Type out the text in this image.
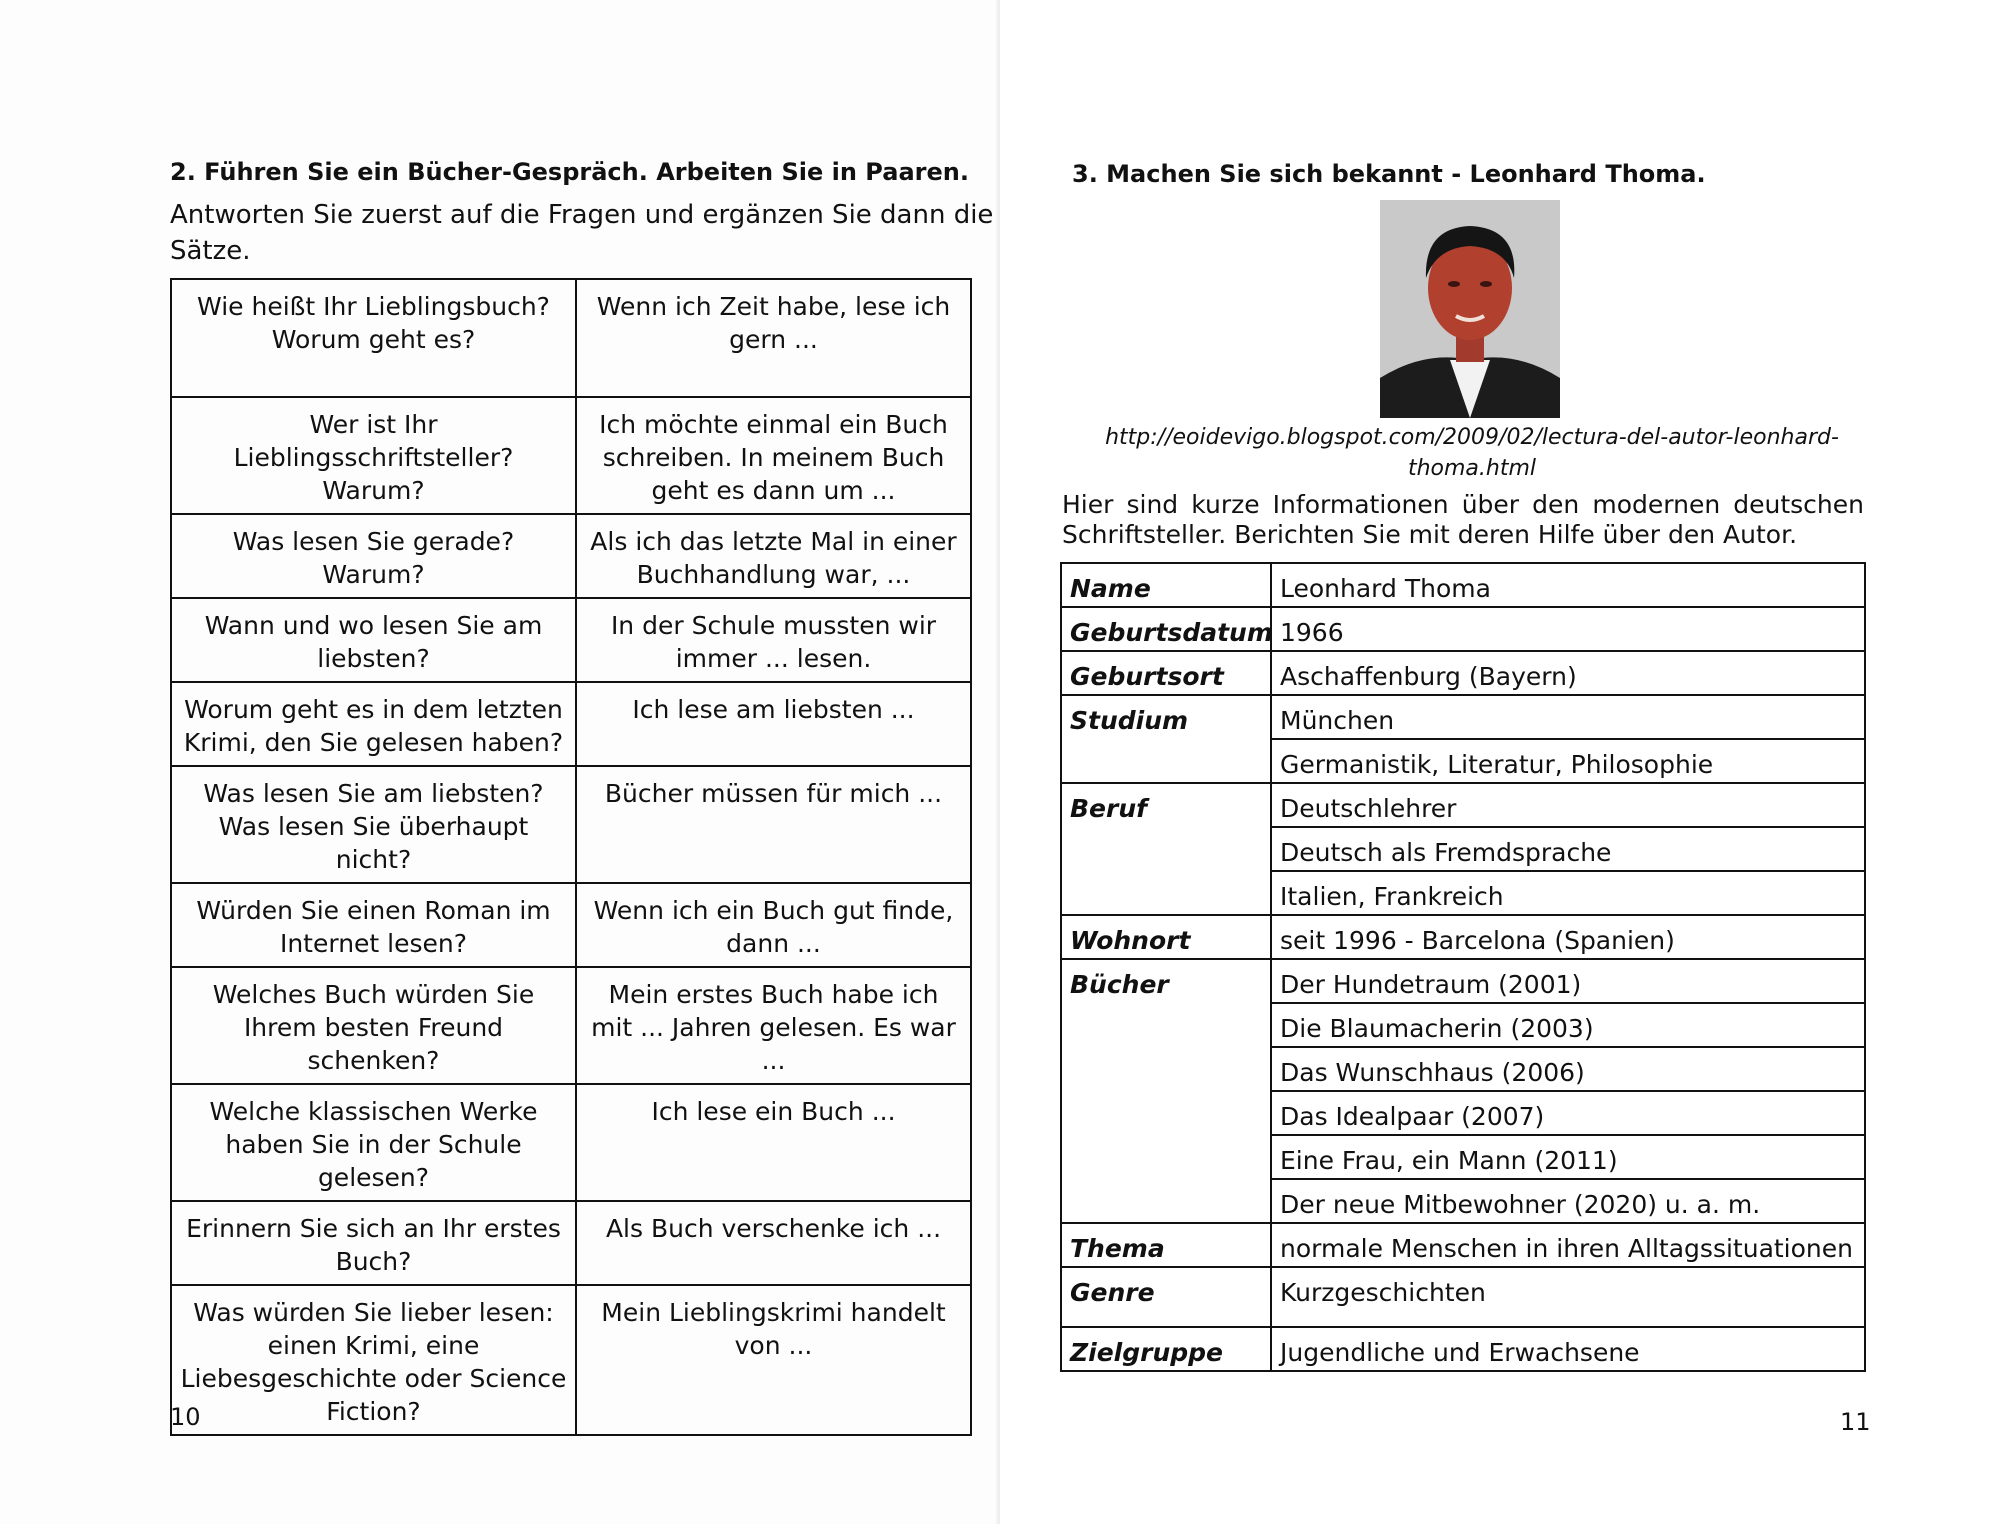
2. Führen Sie ein Bücher-Gespräch. Arbeiten Sie in Paaren.
Antworten Sie zuerst auf die Fragen und ergänzen Sie dann die
Sätze.
Wie heißt Ihr Lieblingsbuch? Worum geht es?	Wenn ich Zeit habe, lese ich gern ...
Wer ist Ihr Lieblingsschriftsteller? Warum?	Ich möchte einmal ein Buch schreiben. In meinem Buch geht es dann um ...
Was lesen Sie gerade? Warum?	Als ich das letzte Mal in einer Buchhandlung war, ...
Wann und wo lesen Sie am liebsten?	In der Schule mussten wir immer ... lesen.
Worum geht es in dem letzten Krimi, den Sie gelesen haben?	Ich lese am liebsten ...
Was lesen Sie am liebsten? Was lesen Sie überhaupt nicht?	Bücher müssen für mich ...
Würden Sie einen Roman im Internet lesen?	Wenn ich ein Buch gut finde, dann ...
Welches Buch würden Sie Ihrem besten Freund schenken?	Mein erstes Buch habe ich mit ... Jahren gelesen. Es war ...
Welche klassischen Werke haben Sie in der Schule gelesen?	Ich lese ein Buch ...
Erinnern Sie sich an Ihr erstes Buch?	Als Buch verschenke ich ...
Was würden Sie lieber lesen: einen Krimi, eine Liebesgeschichte oder Science Fiction?	Mein Lieblingskrimi handelt von ...
10
3. Machen Sie sich bekannt - Leonhard Thoma.
http://eoidevigo.blogspot.com/2009/02/lectura-del-autor-leonhard-
thoma.html
Hier sind kurze Informationen über den modernen deutschen
Schriftsteller. Berichten Sie mit deren Hilfe über den Autor.
Name	Leonhard Thoma
Geburtsdatum	1966
Geburtsort	Aschaffenburg (Bayern)
Studium	München
	Germanistik, Literatur, Philosophie
Beruf	Deutschlehrer
	Deutsch als Fremdsprache
	Italien, Frankreich
Wohnort	seit 1996 - Barcelona (Spanien)
Bücher	Der Hundetraum (2001)
	Die Blaumacherin (2003)
	Das Wunschhaus (2006)
	Das Idealpaar (2007)
	Eine Frau, ein Mann (2011)
	Der neue Mitbewohner (2020) u. a. m.
Thema	normale Menschen in ihren Alltagssituationen
Genre	Kurzgeschichten
Zielgruppe	Jugendliche und Erwachsene
11
